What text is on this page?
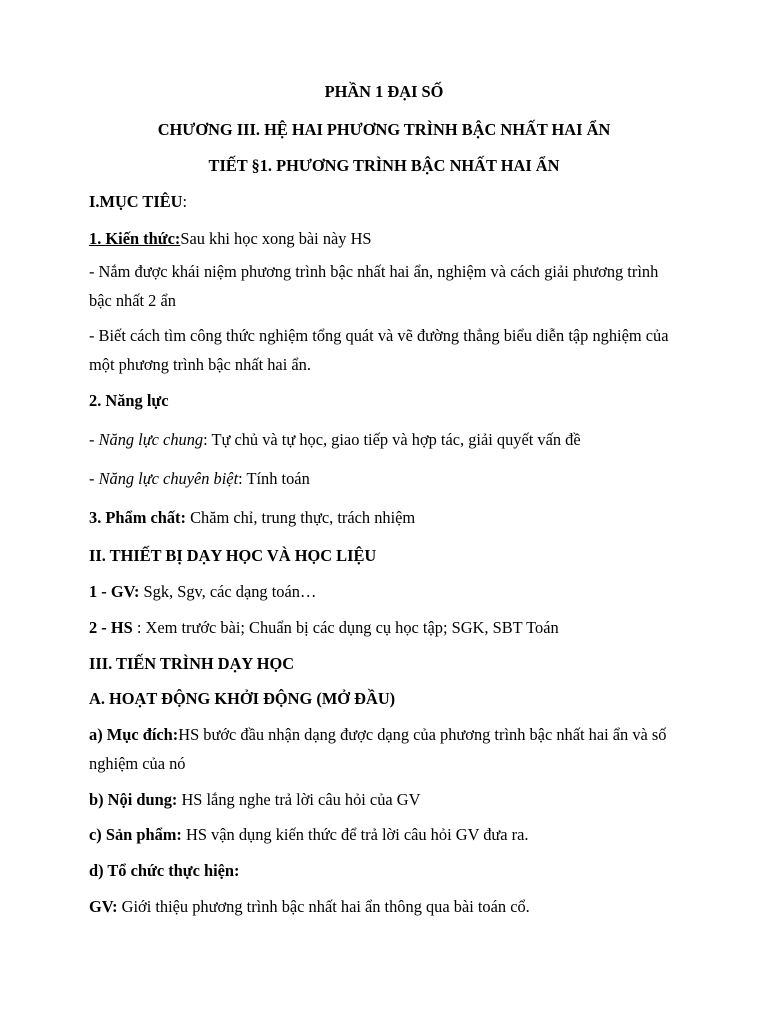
PHẦN 1 ĐẠI SỐ
CHƯƠNG III. HỆ HAI PHƯƠNG TRÌNH BẬC NHẤT HAI ẨN
TIẾT §1. PHƯƠNG TRÌNH BẬC NHẤT HAI ẨN
I.MỤC TIÊU:
1. Kiến thức:Sau khi học xong bài này HS
- Nắm được khái niệm phương trình bậc nhất hai ẩn, nghiệm và cách giải phương trình
bậc nhất 2 ẩn
- Biết cách tìm công thức nghiệm tổng quát và vẽ đường thẳng biểu diễn tập nghiệm của
một phương trình bậc nhất hai ẩn.
2. Năng lực
- Năng lực chung: Tự chủ và tự học, giao tiếp và hợp tác, giải quyết vấn đề
- Năng lực chuyên biệt: Tính toán
3. Phẩm chất: Chăm chỉ, trung thực, trách nhiệm
II. THIẾT BỊ DẠY HỌC VÀ HỌC LIỆU
1 - GV: Sgk, Sgv, các dạng toán…
2 - HS : Xem trước bài; Chuẩn bị các dụng cụ học tập; SGK, SBT Toán
III. TIẾN TRÌNH DẠY HỌC
A. HOẠT ĐỘNG KHỞI ĐỘNG (MỞ ĐẦU)
a) Mục đích:HS bước đầu nhận dạng được dạng của phương trình bậc nhất hai ẩn và số
nghiệm của nó
b) Nội dung: HS lắng nghe trả lời câu hỏi của GV
c) Sản phẩm: HS vận dụng kiến thức để trả lời câu hỏi GV đưa ra.
d) Tổ chức thực hiện:
GV: Giới thiệu phương trình bậc nhất hai ẩn thông qua bài toán cổ.
